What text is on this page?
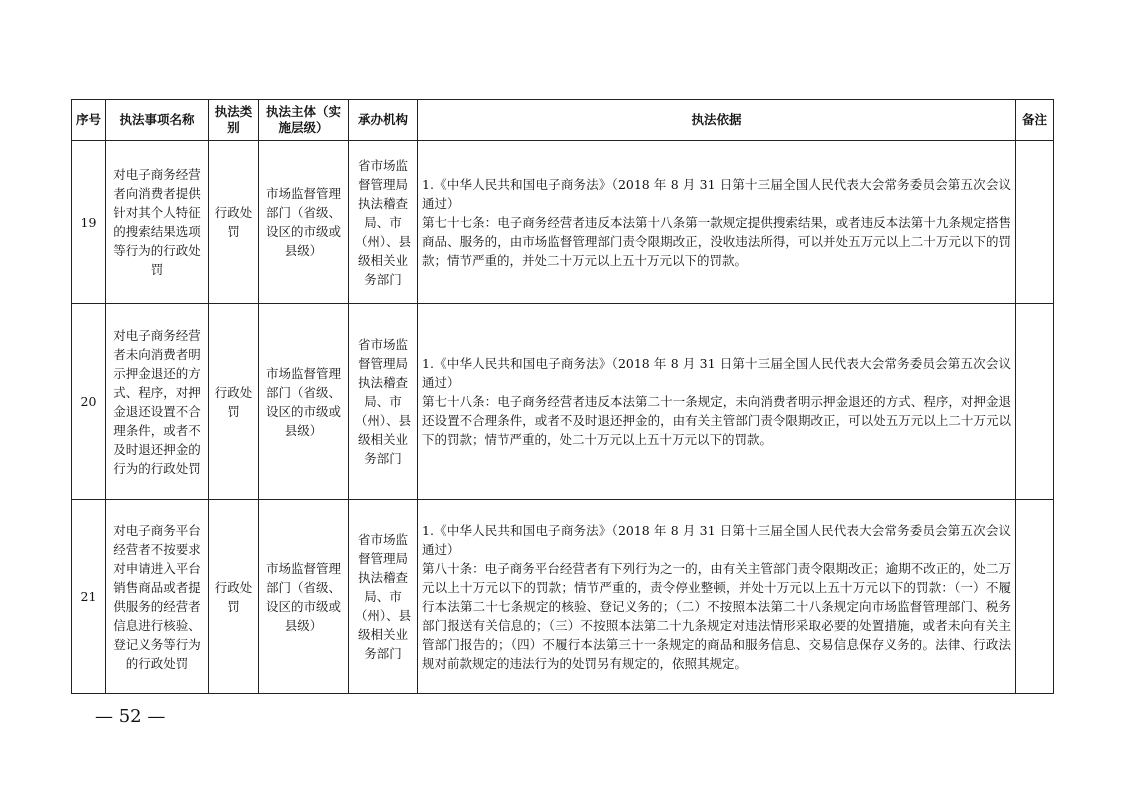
序号	执法事项名称	执法类别	执法主体（实施层级）	承办机构	执法依据	备注
19	对电子商务经营者向消费者提供针对其个人特征的搜索结果选项等行为的行政处罚	行政处罚	市场监督管理部门（省级、设区的市级或县级）	省市场监督管理局执法稽查局、市（州）、县级相关业务部门	1.《中华人民共和国电子商务法》（2018 年 8 月 31 日第十三届全国人民代表大会常务委员会第五次会议通过）
第七十七条：电子商务经营者违反本法第十八条第一款规定提供搜索结果，或者违反本法第十九条规定搭售商品、服务的，由市场监督管理部门责令限期改正，没收违法所得，可以并处五万元以上二十万元以下的罚款；情节严重的，并处二十万元以上五十万元以下的罚款。	
20	对电子商务经营者未向消费者明示押金退还的方式、程序，对押金退还设置不合理条件，或者不及时退还押金的行为的行政处罚	行政处罚	市场监督管理部门（省级、设区的市级或县级）	省市场监督管理局执法稽查局、市（州）、县级相关业务部门	1.《中华人民共和国电子商务法》（2018 年 8 月 31 日第十三届全国人民代表大会常务委员会第五次会议通过）
第七十八条：电子商务经营者违反本法第二十一条规定，未向消费者明示押金退还的方式、程序，对押金退还设置不合理条件，或者不及时退还押金的，由有关主管部门责令限期改正，可以处五万元以上二十万元以下的罚款；情节严重的，处二十万元以上五十万元以下的罚款。	
21	对电子商务平台经营者不按要求对申请进入平台销售商品或者提供服务的经营者信息进行核验、登记义务等行为的行政处罚	行政处罚	市场监督管理部门（省级、设区的市级或县级）	省市场监督管理局执法稽查局、市（州）、县级相关业务部门	1.《中华人民共和国电子商务法》（2018 年 8 月 31 日第十三届全国人民代表大会常务委员会第五次会议通过）
第八十条：电子商务平台经营者有下列行为之一的，由有关主管部门责令限期改正；逾期不改正的，处二万元以上十万元以下的罚款；情节严重的，责令停业整顿，并处十万元以上五十万元以下的罚款：（一）不履行本法第二十七条规定的核验、登记义务的；（二）不按照本法第二十八条规定向市场监督管理部门、税务部门报送有关信息的；（三）不按照本法第二十九条规定对违法情形采取必要的处置措施，或者未向有关主管部门报告的；（四）不履行本法第三十一条规定的商品和服务信息、交易信息保存义务的。法律、行政法规对前款规定的违法行为的处罚另有规定的，依照其规定。	
— 52 —
